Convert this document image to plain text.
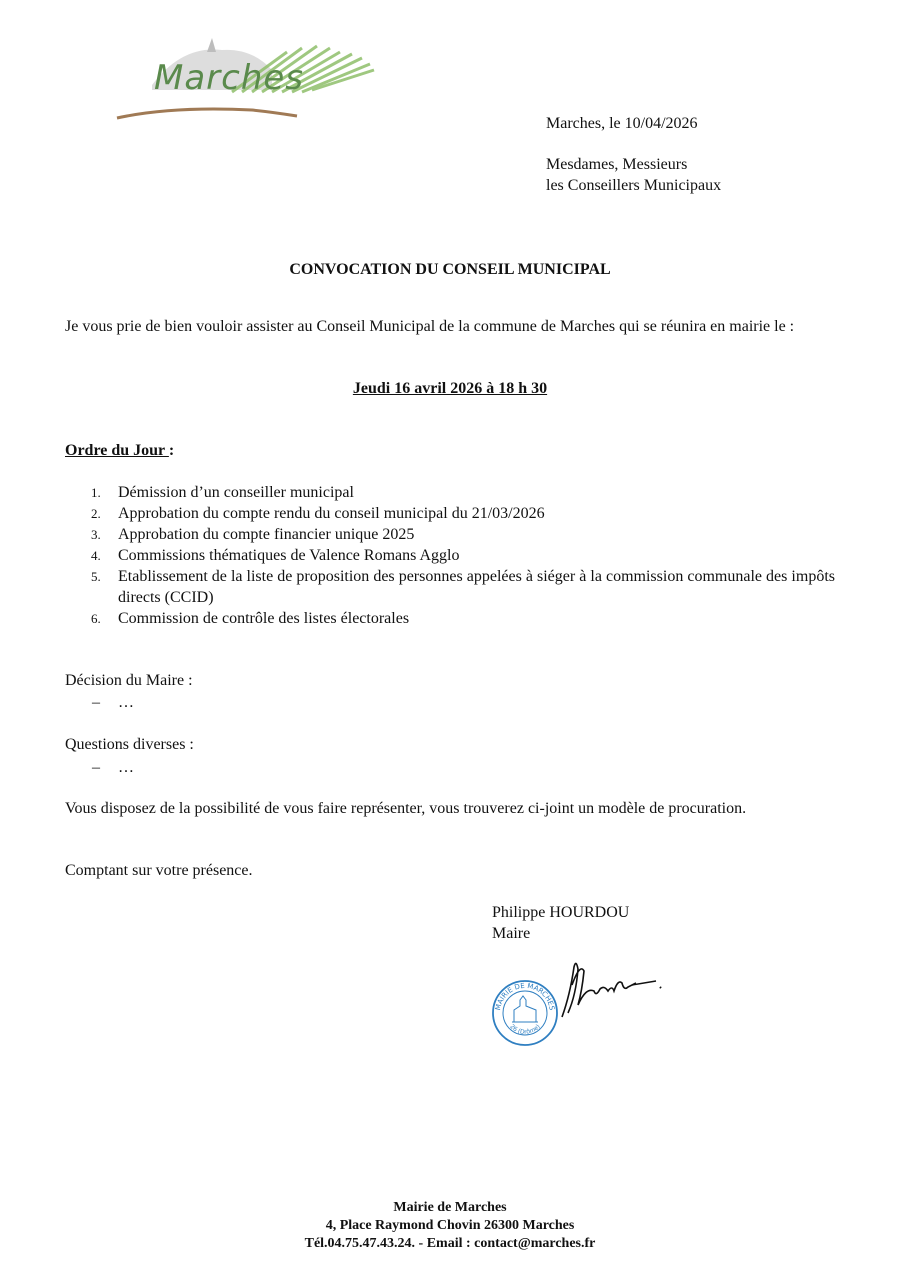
Marches
Marches, le 10/04/2026
Mesdames, Messieurs
les Conseillers Municipaux
CONVOCATION DU CONSEIL MUNICIPAL
Je vous prie de bien vouloir assister au Conseil Municipal de la commune de Marches qui se réunira en mairie le :
Jeudi 16 avril 2026 à 18 h 30
Ordre du Jour :
1.	Démission d’un conseiller municipal
2.	Approbation du compte rendu du conseil municipal du 21/03/2026
3.	Approbation du compte financier unique 2025
4.	Commissions thématiques de Valence Romans Agglo
5.	Etablissement de la liste de proposition des personnes appelées à siéger à la commission communale des impôts directs (CCID)
6.	Commission de contrôle des listes électorales
Décision du Maire :
– …
Questions diverses :
– …
Vous disposez de la possibilité de vous faire représenter, vous trouverez ci-joint un modèle de procuration.
Comptant sur votre présence.
Philippe HOURDOU
Maire
MAIRIE DE MARCHES
26 (Drôme)
Mairie de Marches
4, Place Raymond Chovin 26300 Marches
Tél.04.75.47.43.24. - Email : contact@marches.fr
